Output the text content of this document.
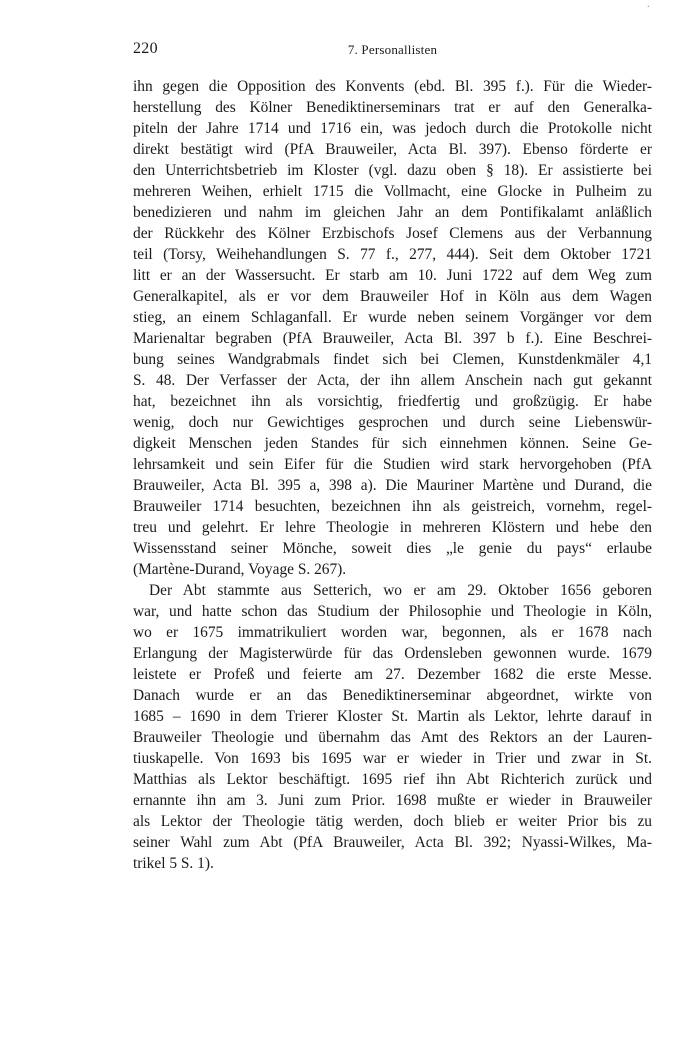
220	7. Personallisten
·
ihn gegen die Opposition des Konvents (ebd. Bl. 395 f.). Für die Wieder-
herstellung des Kölner Benediktinerseminars trat er auf den Generalka-
piteln der Jahre 1714 und 1716 ein, was jedoch durch die Protokolle nicht
direkt bestätigt wird (PfA Brauweiler, Acta Bl. 397). Ebenso förderte er
den Unterrichtsbetrieb im Kloster (vgl. dazu oben § 18). Er assistierte bei
mehreren Weihen, erhielt 1715 die Vollmacht, eine Glocke in Pulheim zu
benedizieren und nahm im gleichen Jahr an dem Pontifikalamt anläßlich
der Rückkehr des Kölner Erzbischofs Josef Clemens aus der Verbannung
teil (Torsy, Weihehandlungen S. 77 f., 277, 444). Seit dem Oktober 1721
litt er an der Wassersucht. Er starb am 10. Juni 1722 auf dem Weg zum
Generalkapitel, als er vor dem Brauweiler Hof in Köln aus dem Wagen
stieg, an einem Schlaganfall. Er wurde neben seinem Vorgänger vor dem
Marienaltar begraben (PfA Brauweiler, Acta Bl. 397 b f.). Eine Beschrei-
bung seines Wandgrabmals findet sich bei Clemen, Kunstdenkmäler 4,1
S. 48. Der Verfasser der Acta, der ihn allem Anschein nach gut gekannt
hat, bezeichnet ihn als vorsichtig, friedfertig und großzügig. Er habe
wenig, doch nur Gewichtiges gesprochen und durch seine Liebenswür-
digkeit Menschen jeden Standes für sich einnehmen können. Seine Ge-
lehrsamkeit und sein Eifer für die Studien wird stark hervorgehoben (PfA
Brauweiler, Acta Bl. 395 a, 398 a). Die Mauriner Martène und Durand, die
Brauweiler 1714 besuchten, bezeichnen ihn als geistreich, vornehm, regel-
treu und gelehrt. Er lehre Theologie in mehreren Klöstern und hebe den
Wissensstand seiner Mönche, soweit dies „le genie du pays“ erlaube
(Martène-Durand, Voyage S. 267).
Der Abt stammte aus Setterich, wo er am 29. Oktober 1656 geboren
war, und hatte schon das Studium der Philosophie und Theologie in Köln,
wo er 1675 immatrikuliert worden war, begonnen, als er 1678 nach
Erlangung der Magisterwürde für das Ordensleben gewonnen wurde. 1679
leistete er Profeß und feierte am 27. Dezember 1682 die erste Messe.
Danach wurde er an das Benediktinerseminar abgeordnet, wirkte von
1685 – 1690 in dem Trierer Kloster St. Martin als Lektor, lehrte darauf in
Brauweiler Theologie und übernahm das Amt des Rektors an der Lauren-
tiuskapelle. Von 1693 bis 1695 war er wieder in Trier und zwar in St.
Matthias als Lektor beschäftigt. 1695 rief ihn Abt Richterich zurück und
ernannte ihn am 3. Juni zum Prior. 1698 mußte er wieder in Brauweiler
als Lektor der Theologie tätig werden, doch blieb er weiter Prior bis zu
seiner Wahl zum Abt (PfA Brauweiler, Acta Bl. 392; Nyassi-Wilkes, Ma-
trikel 5 S. 1).
